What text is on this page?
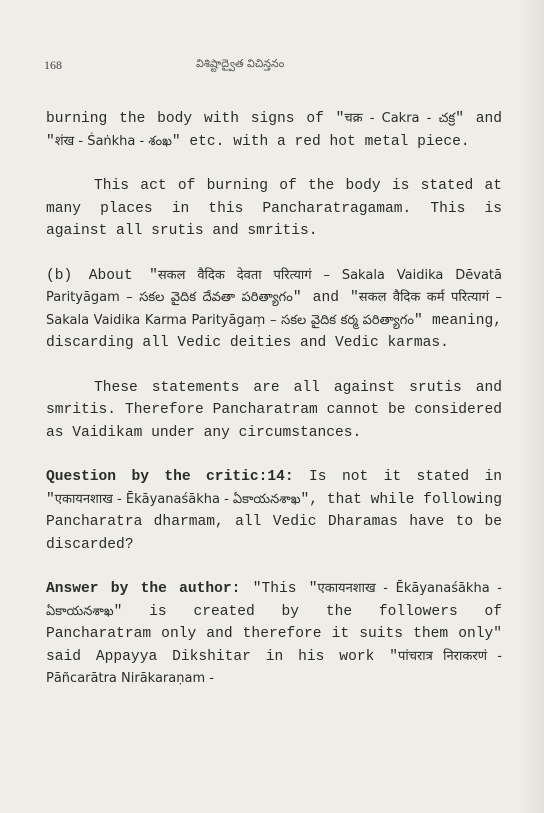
168	విశిష్టాద్వైత విచిన్తనం

burning the body with signs of "चक्र - Cakra - చక్ర" and "शंख - Śaṅkha - శంఖ" etc. with a red hot metal piece.

This act of burning of the body is stated at many places in this Pancharatragamam. This is against all srutis and smritis.

(b) About "सकल वैदिक देवता परित्यागं – Sakala Vaidika Dēvatā Parityāgam – సకల వైదిక దేవతా పరిత్యాగం" and "सकल वैदिक कर्म परित्यागं – Sakala Vaidika Karma Parityāgaṃ – సకల వైదిక కర్మ పరిత్యాగం" meaning, discarding all Vedic deities and Vedic karmas.

These statements are all against srutis and smritis. Therefore Pancharatram cannot be considered as Vaidikam under any circumstances.

Question by the critic:14: Is not it stated in "एकायनशाख - Ēkāyanaśākha - ఏకాయనశాఖ", that while following Pancharatra dharmam, all Vedic Dharamas have to be discarded?

Answer by the author: "This "एकायनशाख - Ēkāyanaśākha - ఏకాయనశాఖ" is created by the followers of Pancharatram only and therefore it suits them only" said Appayya Dikshitar in his work "पांचरात्र निराकरणं - Pāñcarātra Nirākaraṇam -
